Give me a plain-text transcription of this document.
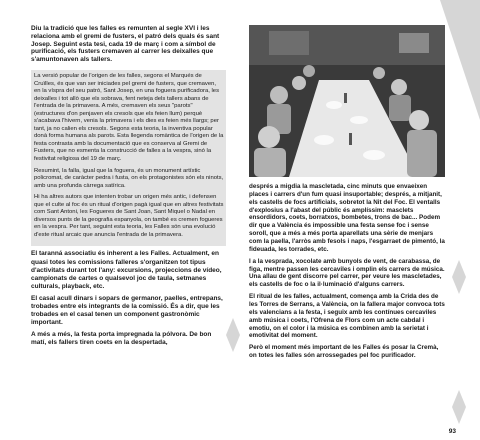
Diu la tradició que les falles es remunten al segle XVI i les relaciona amb el gremi de fusters, el patró dels quals és sant Josep. Seguint esta tesi, cada 19 de març i com a símbol de purificació, els fusters cremaven al carrer les deixalles que s'amuntonaven als tallers.

La versió popular de l'origen de les falles, segons el Marqués de Cruïlles, és que van ser iniciades pel gremi de fusters, que cremaven, en la víspra del seu patró, Sant Josep, en una foguera purificadora, les deixalles i tot allò que els sobrava, fent neteja dels tallers abans de l'entrada de la primavera. A més, cremaven els seus "parots" (estructures d'on penjaven els cresols que els feien llum) perquè s'acabava l'hivern, venia la primavera i els dies es feien més llargs; per tant, ja no calien els cresols. Segons esta teoria, la inventiva popular donà forma humana als parots. Esta llegenda romàntica de l'origen de la festa contrasta amb la documentació que es conserva al Gremi de Fusters, que no esmenta la construcció de falles a la vespra, sinó la festivitat religiosa del 19 de març.

Resumint, la falla, igual que la foguera, és un monument artístic policromat, de caràcter pedra i fusta, on els protagonistes són els ninots, amb una profunda càrrega satírica.

Hi ha altres autors que intenten trobar un origen més antic, i defensen que el culte al foc és un ritual d'origen pagà igual que en altres festivitats com Sant Antoni, les Fogueres de Sant Joan, Sant Miquel o Nadal en diversos punts de la geografia espanyola, on també es cremen fogueres en la vespra. Per tant, seguint esta teoria, les Falles són una evolució d'este ritual arcaic que anuncia l'entrada de la primavera.

El taranná associatiu és inherent a les Falles. Actualment, en quasi totes les comissions falleres s'organitzen tot tipus d'activitats durant tot l'any: excursions, projeccions de vídeo, campionats de cartes o qualsevol joc de taula, setmanes culturals, playback, etc.

El casal acull dinars i sopars de germanor, paelles, entrepans, trobades entre els integrants de la comissió. És a dir, que les trobades en el casal tenen un component gastronòmic important.

A més a més, la festa porta impregnada la pólvora. De bon matí, els fallers tiren coets en la despertada,

després a migdia la mascletada, cinc minuts que envaeixen places i carrers d'un fum quasi insuportable; després, a mitjanit, els castells de focs artificials, sobretot la Nit del Foc. El ventalls d'explosius a l'abast del públic és amplíssim: masclets ensordidors, coets, borratxos, bombetes, trons de bac... Podem dir que a València és impossible una festa sense foc i sense soroll, que a més a més porta aparellats una sèrie de menjars com la paella, l'arròs amb fesols i naps, l'esgarraet de pimentó, la fideuada, les torrades, etc.

I a la vesprada, xocolate amb bunyols de vent, de carabassa, de figa, mentre passen les cercaviles i omplin els carrers de música. Una allau de gent discorre pel carrer, per veure les mascletades, els castells de foc o la il·luminació d'alguns carrers.

El ritual de les falles, actualment, comença amb la Crida des de les Torres de Serrans, a València, on la fallera major convoca tots els valencians a la festa, i seguix amb les contínues cercaviles amb música i coets, l'Ofrena de Flors com un acte cabdal i emotiu, on el color i la música es combinen amb la serietat i emotivitat del moment.

Però el moment més important de les Falles és posar la Cremà, on totes les falles són arrossegades pel foc purificador.

93
